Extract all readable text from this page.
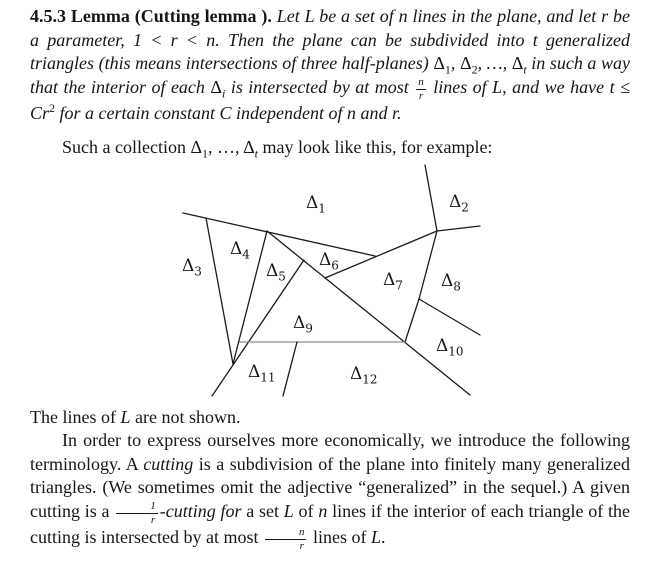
4.5.3 Lemma (Cutting lemma ). Let L be a set of n lines in the plane, and let r be a parameter, 1 < r < n. Then the plane can be subdivided into t generalized triangles (this means intersections of three half-planes) $\Delta_1$, $\Delta_2$, …, $\Delta_t$ in such a way that the interior of each $\Delta_i$ is intersected by at most $\frac{n}{r}$ lines of L, and we have $t \le Cr^2$ for a certain constant C independent of n and r.

Such a collection $\Delta_1$, …, $\Delta_t$ may look like this, for example:

$\Delta_1$	$\Delta_2$
$\Delta_3$
$\Delta_4$
$\Delta_5$
$\Delta_6$
$\Delta_7$ $\Delta_8$
$\Delta_9$
$\Delta_{10}$
$\Delta_{11}$	$\Delta_{12}$

The lines of L are not shown.

In order to express ourselves more economically, we introduce the following terminology. A cutting is a subdivision of the plane into finitely many generalized triangles. (We sometimes omit the adjective “generalized” in the sequel.) A given cutting is a $\frac{1}{r}$ -cutting for a set L of n lines if the interior of each triangle of the cutting is intersected by at most $\frac{n}{r}$ lines of L.
